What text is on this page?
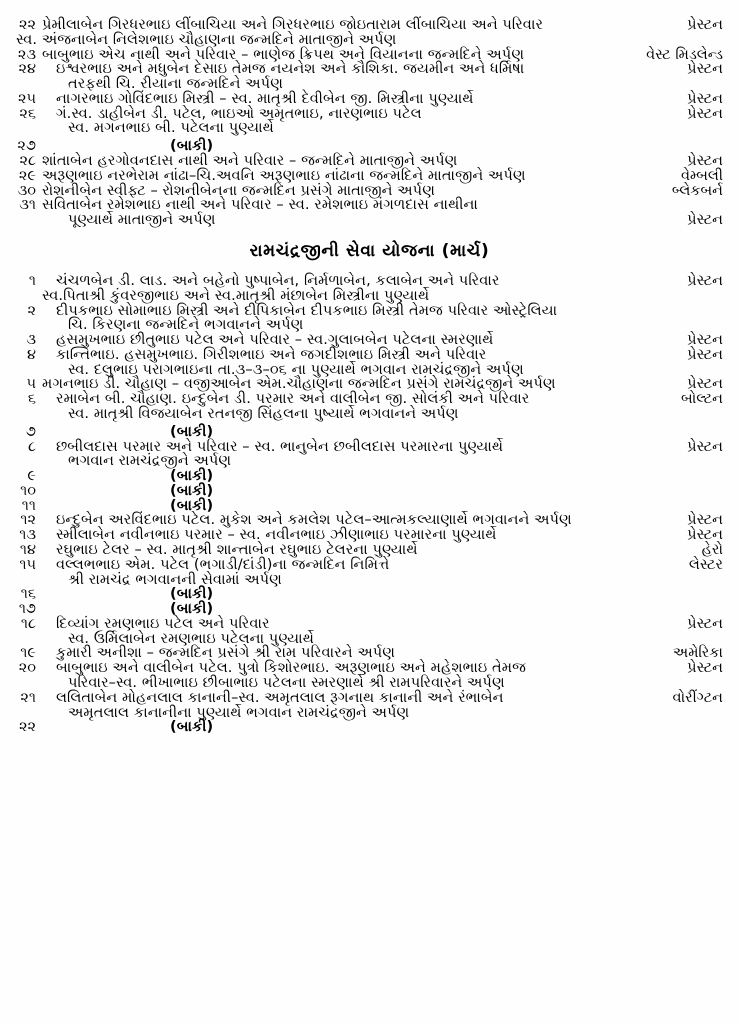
૨૨ પ્રેમીલાબેન ગિરધરભાઇ લીંબાચિયા અને ગિરધરભાઇ જોઇતારામ લીંબાચિયા અને પરિવાર	પ્રેસ્ટન
સ્વ. અંજનાબેન નિલેશભાઇ ચૌહાણના જન્મદિને માતાજીને અર્પણ
૨૩ બાબુભાઇ એચ નાથી અને પરિવાર – ભાણેજ ક્રિપથ અને વિયાનના જન્મદિને અર્પણ	વેસ્ટ મિડલેન્ડ
૨૪	ઇશ્વરભાઇ અને મધુબેન દેસાઇ તેમજ નયનેશ અને કૌશિકા. જયમીન અને ધર્મિષા	પ્રેસ્ટન
તરફથી ચિ. રીયાના જન્મદિને અર્પણ
૨૫	નાગરભાઇ ગોવિંદભાઇ મિસ્ત્રી – સ્વ. માતૃશ્રી દેવીબેન જી. મિસ્ત્રીના પુણ્યાર્થે	પ્રેસ્ટન
૨૬	ગં.સ્વ. ડાહીબેન ડી. પટેલ, ભાઇઓ અમૃતભાઇ, નારણભાઇ પટેલ	પ્રેસ્ટન
સ્વ. મગનભાઇ બી. પટેલના પુણ્યાર્થે
૨૭	(બાકી)
૨૮ શાંતાબેન હરગોવનદાસ નાથી અને પરિવાર – જન્મદિને માતાજીને અર્પણ	પ્રેસ્ટન
૨૯ અરૂણભાઇ નરભેરામ નાંઢા–ચિ.અવનિ અરૂણભાઇ નાંઢાના જન્મદિને માતાજીને અર્પણ	વેમ્બલી
૩૦ રોશનીબેન સ્વીફ્ટ – રોશનીબેનના જન્મદિન પ્રસંગે માતાજીને અર્પણ	બ્લેકબર્ન
૩૧ સવિતાબેન રમેશભાઇ નાથી અને પરિવાર – સ્વ. રમેશભાઇ મંગળદાસ નાથીના
પૂણ્યાર્થે માતાજીને અર્પણ	પ્રેસ્ટન
રામચંદ્રજીની સેવા યોજના (માર્ચ)
૧	ચંચળબેન ડી. લાડ. અને બહેનો પુષ્પાબેન, નિર્મળાબેન, કલાબેન અને પરિવાર	પ્રેસ્ટન
સ્વ.પિતાશ્રી કુંવરજીભાઇ અને સ્વ.માતૃશ્રી મંછાબેન મિસ્ત્રીના પુણ્યાર્થે
૨	દીપકભાઇ સોમાભાઇ મિસ્ત્રી અને દીપિકાબેન દીપકભાઇ મિસ્ત્રી તેમજ પરિવાર ઓસ્ટ્રેલિયા
ચિ. કિરણના જન્મદિને ભગવાનને અર્પણ
૩	હસમુખભાઇ છીતુભાઇ પટેલ અને પરિવાર – સ્વ.ગુલાબબેન પટેલના સ્મરણાર્થે	પ્રેસ્ટન
૪	કાન્તિભાઇ. હસમુખભાઇ. ગિરીશભાઇ અને જગદીશભાઇ મિસ્ત્રી અને પરિવાર	પ્રેસ્ટન
સ્વ. દલુભાઇ પરાગભાઇના તા.૩–૩–૦૬ ના પુણ્યાર્થે ભગવાન રામચંદ્રજીને અર્પણ
૫ મગનભાઇ ડી. ચૌહાણ – વજીઆબેન એમ.ચૌહાણના જન્મદિન પ્રસંગે રામચંદ્રજીને અર્પણ	પ્રેસ્ટન
૬	રમાબેન બી. ચૌહાણ. ઇન્દુબેન ડી. પરમાર અને વાલીબેન જી. સોલંકી અને પરિવાર	બોલ્ટન
સ્વ. માતૃશ્રી વિજયાબેન રતનજી સિંહલના પુષ્યાર્થે ભગવાનને અર્પણ
૭	(બાકી)
૮	છબીલદાસ પરમાર અને પરિવાર – સ્વ. ભાનુબેન છબીલદાસ પરમારના પુણ્યાર્થે	પ્રેસ્ટન
ભગવાન રામચંદ્રજીને અર્પણ
૯	(બાકી)
૧૦	(બાકી)
૧૧	(બાકી)
૧૨	ઇન્દુબેન અરવિંદભાઇ પટેલ. મુકેશ અને કમલેશ પટેલ–આત્મકલ્યાણાર્થે ભગવાનને અર્પણ	પ્રેસ્ટન
૧૩	સ્મીલાબેન નવીનભાઇ પરમાર – સ્વ. નવીનભાઇ ઝીણાભાઇ પરમારના પુણ્યાર્થે	પ્રેસ્ટન
૧૪	રઘુભાઇ ટેલર – સ્વ. માતૃશ્રી શાન્તાબેન રઘુભાઇ ટેલરના પુણ્યાર્થે	હેરો
૧૫	વલ્લભભાઇ એમ. પટેલ (ભગાડી/દાંડી)ના જન્મદિન નિમિત્તે	લેસ્ટર
શ્રી રામચંદ્ર ભગવાનની સેવામાં અર્પણ
૧૬	(બાકી)
૧૭	(બાકી)
૧૮	દિવ્યાંગ રમણભાઇ પટેલ અને પરિવાર	પ્રેસ્ટન
સ્વ. ઉર્મિલાબેન રમણભાઇ પટેલના પુણ્યાર્થે
૧૯	કુમારી અનીશા – જન્મદિન પ્રસંગે શ્રી રામ પરિવારને અર્પણ	અમેરિકા
૨૦	બાબુભાઇ અને વાલીબેન પટેલ. પુત્રો કિશોરભાઇ. અરૂણભાઇ અને મહેશભાઇ તેમજ	પ્રેસ્ટન
પરિવાર–સ્વ. ભીખાભાઇ છીબાભાઇ પટેલના સ્મરણાર્થે શ્રી રામપરિવારને અર્પણ
૨૧	લલિતાબેન મોહનલાલ કાનાની–સ્વ. અમૃતલાલ રૂગનાથ કાનાની અને રંભાબેન	વોરીંગ્ટન
અમૃતલાલ કાનાનીના પુણ્યાર્થે ભગવાન રામચંદ્રજીને અર્પણ
૨૨	(બાકી)
